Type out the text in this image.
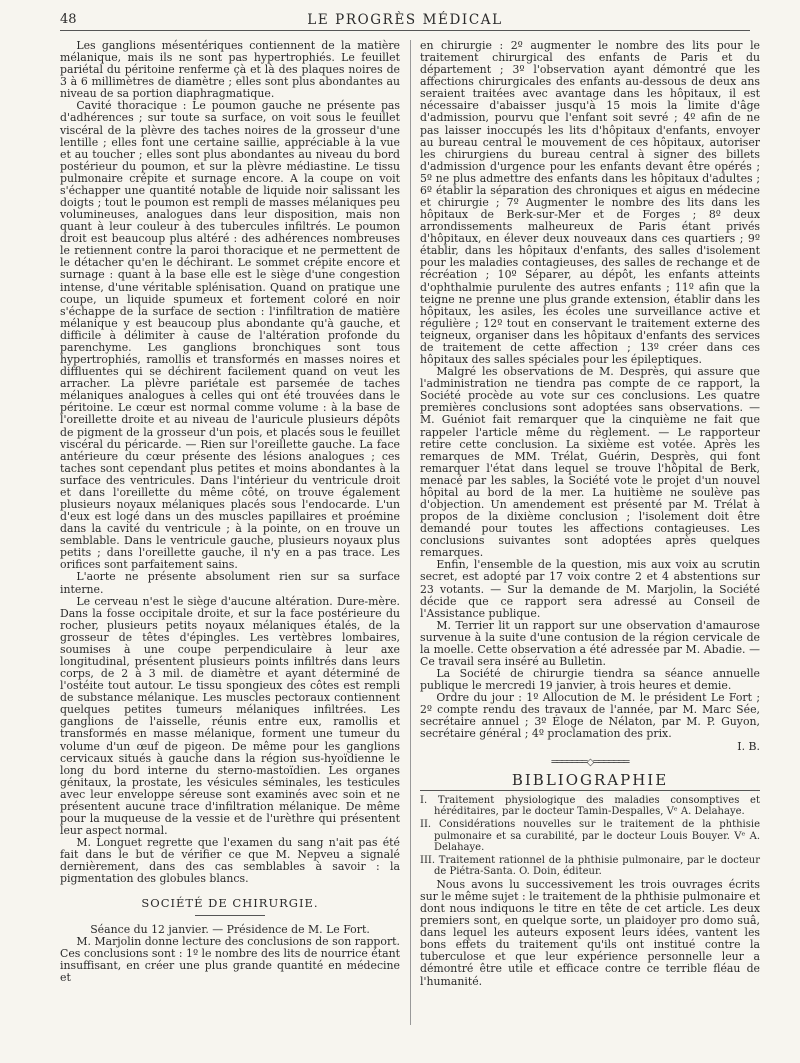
48	LE PROGRÈS MÉDICAL

Les ganglions mésentériques contiennent de la matière mélanique, mais ils ne sont pas hypertrophiés. Le feuillet pariétal du péritoine renferme çà et là des plaques noires de 3 à 6 millimètres de diamètre ; elles sont plus abondantes au niveau de sa portion diaphragmatique.

Cavité thoracique : Le poumon gauche ne présente pas d'adhérences ; sur toute sa surface, on voit sous le feuillet viscéral de la plèvre des taches noires de la grosseur d'une lentille ; elles font une certaine saillie, appréciable à la vue et au toucher ; elles sont plus abondantes au niveau du bord postérieur du poumon, et sur la plèvre médiastine. Le tissu pulmonaire crépite et surnage encore. A la coupe on voit s'échapper une quantité notable de liquide noir salissant les doigts ; tout le poumon est rempli de masses mélaniques peu volumineuses, analogues dans leur disposition, mais non quant à leur couleur à des tubercules infiltrés. Le poumon droit est beaucoup plus altéré : des adhérences nombreuses le retiennent contre la paroi thoracique et ne permettent de le détacher qu'en le déchirant. Le sommet crépite encore et surnage : quant à la base elle est le siège d'une congestion intense, d'une véritable splénisation. Quand on pratique une coupe, un liquide spumeux et fortement coloré en noir s'échappe de la surface de section : l'infiltration de matière mélanique y est beaucoup plus abondante qu'à gauche, et difficile à délimiter à cause de l'altération profonde du parenchyme. Les ganglions bronchiques sont tous hypertrophiés, ramollis et transformés en masses noires et diffluentes qui se déchirent facilement quand on veut les arracher. La plèvre pariétale est parsemée de taches mélaniques analogues à celles qui ont été trouvées dans le péritoine. Le cœur est normal comme volume : à la base de l'oreillette droite et au niveau de l'auricule plusieurs dépôts de pigment de la grosseur d'un pois, et placés sous le feuillet viscéral du péricarde. — Rien sur l'oreillette gauche. La face antérieure du cœur présente des lésions analogues ; ces taches sont cependant plus petites et moins abondantes à la surface des ventricules. Dans l'intérieur du ventricule droit et dans l'oreillette du même côté, on trouve également plusieurs noyaux mélaniques placés sous l'endocarde. L'un d'eux est logé dans un des muscles papillaires et proémine dans la cavité du ventricule ; à la pointe, on en trouve un semblable. Dans le ventricule gauche, plusieurs noyaux plus petits ; dans l'oreillette gauche, il n'y en a pas trace. Les orifices sont parfaitement sains.

L'aorte ne présente absolument rien sur sa surface interne.

Le cerveau n'est le siège d'aucune altération. Dure-mère. Dans la fosse occipitale droite, et sur la face postérieure du rocher, plusieurs petits noyaux mélaniques étalés, de la grosseur de têtes d'épingles. Les vertèbres lombaires, soumises à une coupe perpendiculaire à leur axe longitudinal, présentent plusieurs points infiltrés dans leurs corps, de 2 à 3 mil. de diamètre et ayant déterminé de l'ostéite tout autour. Le tissu spongieux des côtes est rempli de substance mélanique. Les muscles pectoraux contiennent quelques petites tumeurs mélaniques infiltrées. Les ganglions de l'aisselle, réunis entre eux, ramollis et transformés en masse mélanique, forment une tumeur du volume d'un œuf de pigeon. De même pour les ganglions cervicaux situés à gauche dans la région sus-hyoïdienne le long du bord interne du sterno-mastoïdien. Les organes génitaux, la prostate, les vésicules séminales, les testicules avec leur enveloppe séreuse sont examinés avec soin et ne présentent aucune trace d'infiltration mélanique. De même pour la muqueuse de la vessie et de l'urèthre qui présentent leur aspect normal.

M. Longuet regrette que l'examen du sang n'ait pas été fait dans le but de vérifier ce que M. Nepveu a signalé dernièrement, dans des cas semblables à savoir : la pigmentation des globules blancs.

SOCIÉTÉ DE CHIRURGIE.
Séance du 12 janvier. — Présidence de M. Le Fort.

M. Marjolin donne lecture des conclusions de son rapport. Ces conclusions sont : 1º le nombre des lits de nourrice étant insuffisant, en créer une plus grande quantité en médecine et

en chirurgie : 2º augmenter le nombre des lits pour le traitement chirurgical des enfants de Paris et du département ; 3º l'observation ayant démontré que les affections chirurgicales des enfants au-dessous de deux ans seraient traitées avec avantage dans les hôpitaux, il est nécessaire d'abaisser jusqu'à 15 mois la limite d'âge d'admission, pourvu que l'enfant soit sevré ; 4º afin de ne pas laisser inoccupés les lits d'hôpitaux d'enfants, envoyer au bureau central le mouvement de ces hôpitaux, autoriser les chirurgiens du bureau central à signer des billets d'admission d'urgence pour les enfants devant être opérés ; 5º ne plus admettre des enfants dans les hôpitaux d'adultes ; 6º établir la séparation des chroniques et aigus en médecine et chirurgie ; 7º Augmenter le nombre des lits dans les hôpitaux de Berk-sur-Mer et de Forges ; 8º deux arrondissements malheureux de Paris étant privés d'hôpitaux, en élever deux nouveaux dans ces quartiers ; 9º établir, dans les hôpitaux d'enfants, des salles d'isolement pour les maladies contagieuses, des salles de rechange et de récréation ; 10º Séparer, au dépôt, les enfants atteints d'ophthalmie purulente des autres enfants ; 11º afin que la teigne ne prenne une plus grande extension, établir dans les hôpitaux, les asiles, les écoles une surveillance active et régulière ; 12º tout en conservant le traitement externe des teigneux, organiser dans les hôpitaux d'enfants des services de traitement de cette affection ; 13º créer dans ces hôpitaux des salles spéciales pour les épileptiques.

Malgré les observations de M. Desprès, qui assure que l'administration ne tiendra pas compte de ce rapport, la Société procède au vote sur ces conclusions. Les quatre premières conclusions sont adoptées sans observations. — M. Guéniot fait remarquer que la cinquième ne fait que rappeler l'article même du règlement. — Le rapporteur retire cette conclusion. La sixième est votée. Après les remarques de MM. Trélat, Guérin, Desprès, qui font remarquer l'état dans lequel se trouve l'hôpital de Berk, menacé par les sables, la Société vote le projet d'un nouvel hôpital au bord de la mer. La huitième ne soulève pas d'objection. Un amendement est présenté par M. Trélat à propos de la dixième conclusion ; l'isolement doit être demandé pour toutes les affections contagieuses. Les conclusions suivantes sont adoptées après quelques remarques.

Enfin, l'ensemble de la question, mis aux voix au scrutin secret, est adopté par 17 voix contre 2 et 4 abstentions sur 23 votants. — Sur la demande de M. Marjolin, la Société décide que ce rapport sera adressé au Conseil de l'Assistance publique.

M. Terrier lit un rapport sur une observation d'amaurose survenue à la suite d'une contusion de la région cervicale de la moelle. Cette observation a été adressée par M. Abadie. — Ce travail sera inséré au Bulletin.

La Société de chirurgie tiendra sa séance annuelle publique le mercredi 19 janvier, à trois heures et demie.

Ordre du jour : 1º Allocution de M. le président Le Fort ; 2º compte rendu des travaux de l'année, par M. Marc Sée, secrétaire annuel ; 3º Éloge de Nélaton, par M. P. Guyon, secrétaire général ; 4º proclamation des prix.

I. B.
═══════◇═══════
BIBLIOGRAPHIE
I. Traitement physiologique des maladies consomptives et héréditaires, par le docteur Tamin-Despalles, Vᵉ A. Delahaye.
II. Considérations nouvelles sur le traitement de la phthisie pulmonaire et sa curabilité, par le docteur Louis Bouyer. Vᵉ A. Delahaye.
III. Traitement rationnel de la phthisie pulmonaire, par le docteur de Piétra-Santa. O. Doin, éditeur.

Nous avons lu successivement les trois ouvrages écrits sur le même sujet : le traitement de la phthisie pulmonaire et dont nous indiquons le titre en tête de cet article. Les deux premiers sont, en quelque sorte, un plaidoyer pro domo suâ, dans lequel les auteurs exposent leurs idées, vantent les bons effets du traitement qu'ils ont institué contre la tuberculose et que leur expérience personnelle leur a démontré être utile et efficace contre ce terrible fléau de l'humanité.
